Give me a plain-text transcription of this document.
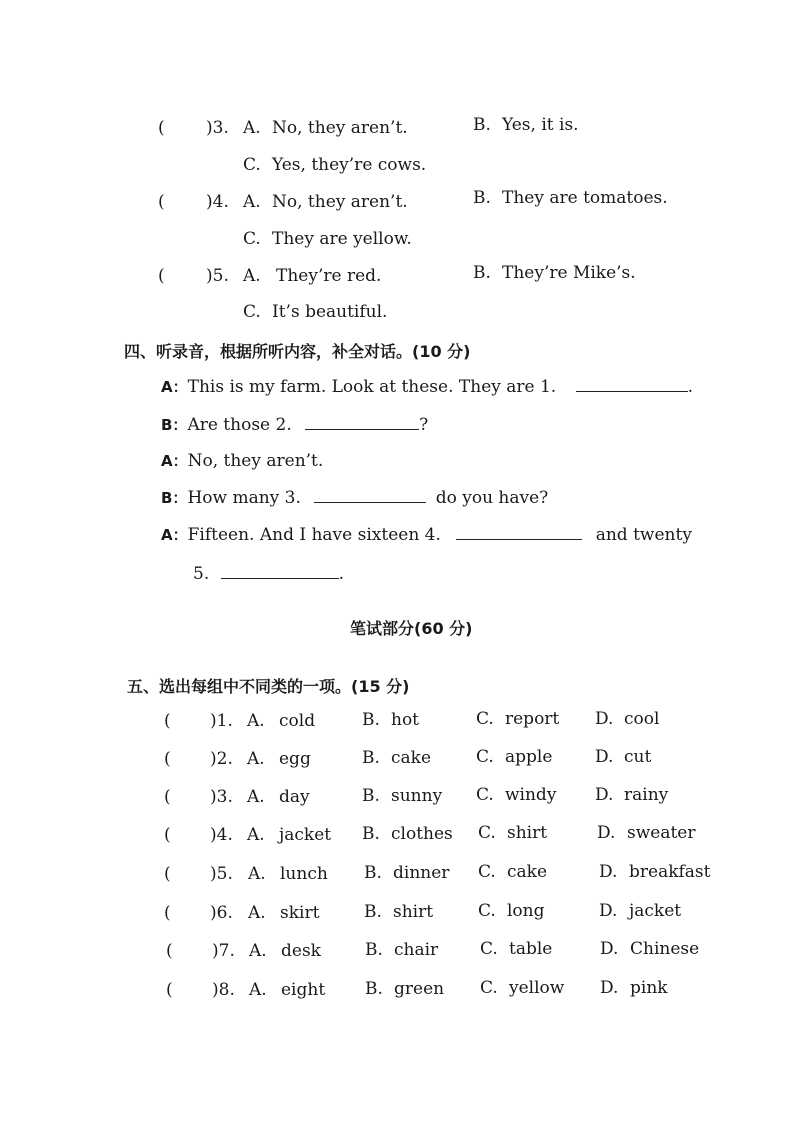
( )3. A. No, they aren’t.	B. Yes, it is.
C. Yes, they’re cows.
( )4. A. No, they aren’t.	B. They are tomatoes.
C. They are yellow.
( )5. A. They’re red.	B. They’re Mike’s.
C. It’s beautiful.
四、听录音，根据所听内容，补全对话。(10 分)
A：This is my farm. Look at these. They are 1.	.
B：Are those 2.	?
A：No, they aren’t.
B：How many 3.	do you have?
A：Fifteen. And I have sixteen 4.	and twenty
5.	.
笔试部分(60 分)
五、选出每组中不同类的一项。(15 分)
( )1. A. cold	B. hot	C. report D. cool
( )2. A. egg	B. cake	C. apple	D. cut
( )3. A. day	B. sunny C. windy D. rainy
( )4. A. jacket B. clothes C. shirt	D. sweater
( )5. A. lunch B. dinner C. cake	D. breakfast
( )6. A. skirt	B. shirt	C. long	D. jacket
( )7. A. desk	B. chair C. table	D. Chinese
( )8. A. eight B. green C. yellow D. pink
